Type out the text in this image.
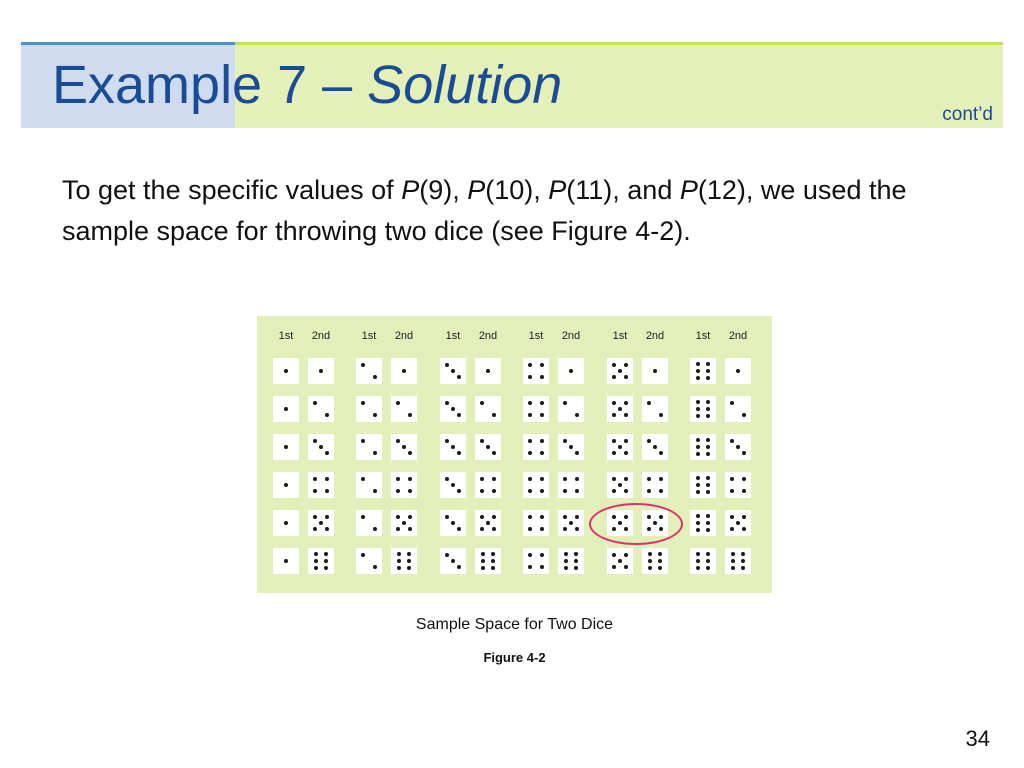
Example 7 – Solution	cont’d
To get the specific values of P(9), P(10), P(11), and P(12), we used the sample space for throwing two dice (see Figure 4-2).
1st	2nd	1st	2nd	1st	2nd	1st	2nd	1st	2nd	1st	2nd
Sample Space for Two Dice
Figure 4-2
34
